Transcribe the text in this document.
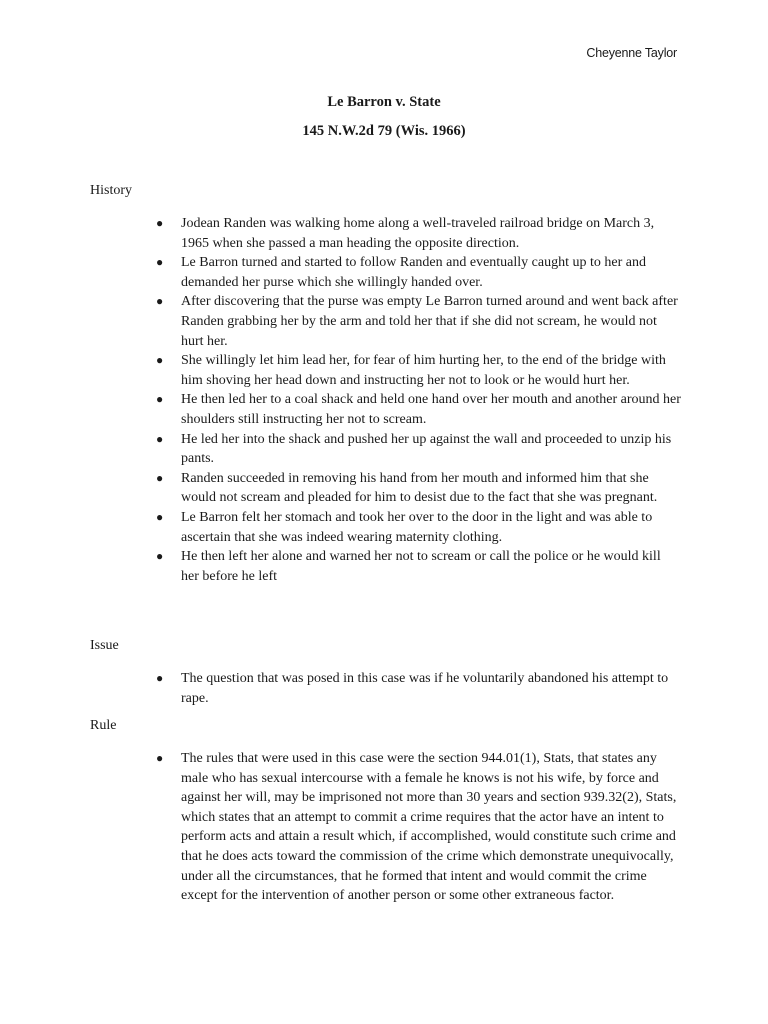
Cheyenne Taylor
Le Barron v. State
145 N.W.2d 79 (Wis. 1966)

History

● Jodean Randen was walking home along a well-traveled railroad bridge on March 3, 1965 when she passed a man heading the opposite direction.
● Le Barron turned and started to follow Randen and eventually caught up to her and demanded her purse which she willingly handed over.
● After discovering that the purse was empty Le Barron turned around and went back after Randen grabbing her by the arm and told her that if she did not scream, he would not hurt her.
● She willingly let him lead her, for fear of him hurting her, to the end of the bridge with him shoving her head down and instructing her not to look or he would hurt her.
● He then led her to a coal shack and held one hand over her mouth and another around her shoulders still instructing her not to scream.
● He led her into the shack and pushed her up against the wall and proceeded to unzip his pants.
● Randen succeeded in removing his hand from her mouth and informed him that she would not scream and pleaded for him to desist due to the fact that she was pregnant.
● Le Barron felt her stomach and took her over to the door in the light and was able to ascertain that she was indeed wearing maternity clothing.
● He then left her alone and warned her not to scream or call the police or he would kill her before he left

Issue

● The question that was posed in this case was if he voluntarily abandoned his attempt to rape.

Rule

● The rules that were used in this case were the section 944.01(1), Stats, that states any male who has sexual intercourse with a female he knows is not his wife, by force and against her will, may be imprisoned not more than 30 years and section 939.32(2), Stats, which states that an attempt to commit a crime requires that the actor have an intent to perform acts and attain a result which, if accomplished, would constitute such crime and that he does acts toward the commission of the crime which demonstrate unequivocally, under all the circumstances, that he formed that intent and would commit the crime except for the intervention of another person or some other extraneous factor.
